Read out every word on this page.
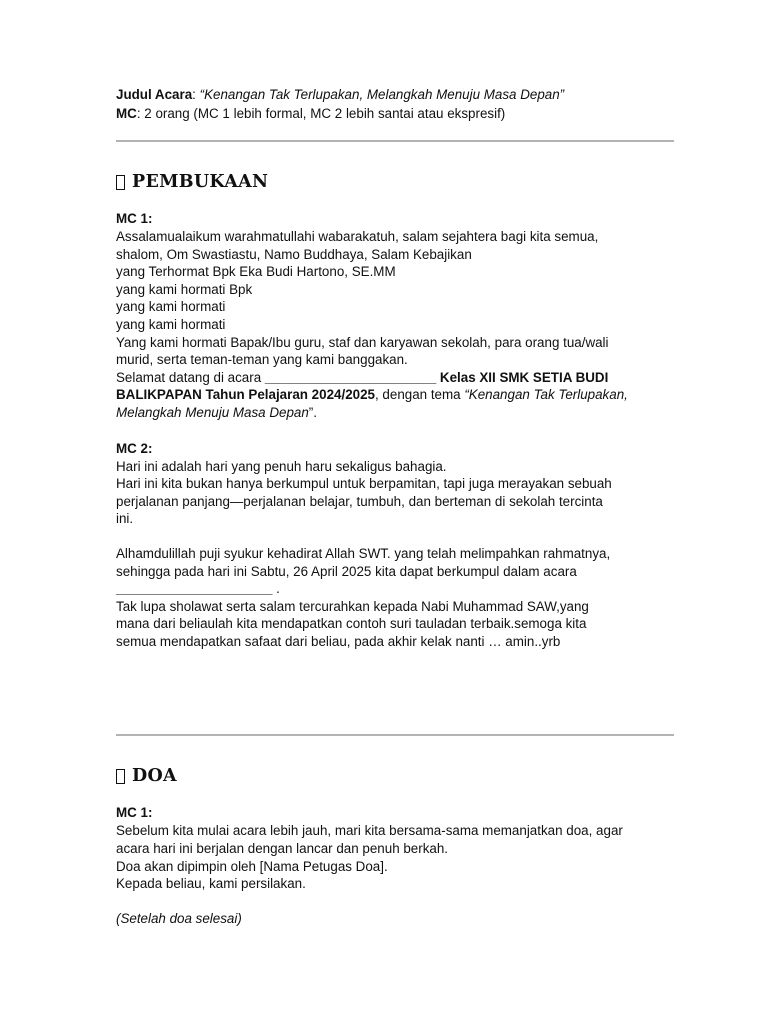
Judul Acara: “Kenangan Tak Terlupakan, Melangkah Menuju Masa Depan”
MC: 2 orang (MC 1 lebih formal, MC 2 lebih santai atau ekspresif)
PEMBUKAAN
MC 1:
Assalamualaikum warahmatullahi wabarakatuh, salam sejahtera bagi kita semua,
shalom, Om Swastiastu, Namo Buddhaya, Salam Kebajikan
yang Terhormat Bpk Eka Budi Hartono, SE.MM
yang kami hormati Bpk
yang kami hormati
yang kami hormati
Yang kami hormati Bapak/Ibu guru, staf dan karyawan sekolah, para orang tua/wali
murid, serta teman-teman yang kami banggakan.
Selamat datang di acara _______________________ Kelas XII SMK SETIA BUDI
BALIKPAPAN Tahun Pelajaran 2024/2025, dengan tema “Kenangan Tak Terlupakan,
Melangkah Menuju Masa Depan”.
MC 2:
Hari ini adalah hari yang penuh haru sekaligus bahagia.
Hari ini kita bukan hanya berkumpul untuk berpamitan, tapi juga merayakan sebuah
perjalanan panjang—perjalanan belajar, tumbuh, dan berteman di sekolah tercinta
ini.
Alhamdulillah puji syukur kehadirat Allah SWT. yang telah melimpahkan rahmatnya,
sehingga pada hari ini Sabtu, 26 April 2025 kita dapat berkumpul dalam acara
_____________________ .
Tak lupa sholawat serta salam tercurahkan kepada Nabi Muhammad SAW,yang
mana dari beliaulah kita mendapatkan contoh suri tauladan terbaik.semoga kita
semua mendapatkan safaat dari beliau, pada akhir kelak nanti … amin..yrb
DOA
MC 1:
Sebelum kita mulai acara lebih jauh, mari kita bersama-sama memanjatkan doa, agar
acara hari ini berjalan dengan lancar dan penuh berkah.
Doa akan dipimpin oleh [Nama Petugas Doa].
Kepada beliau, kami persilakan.
(Setelah doa selesai)
